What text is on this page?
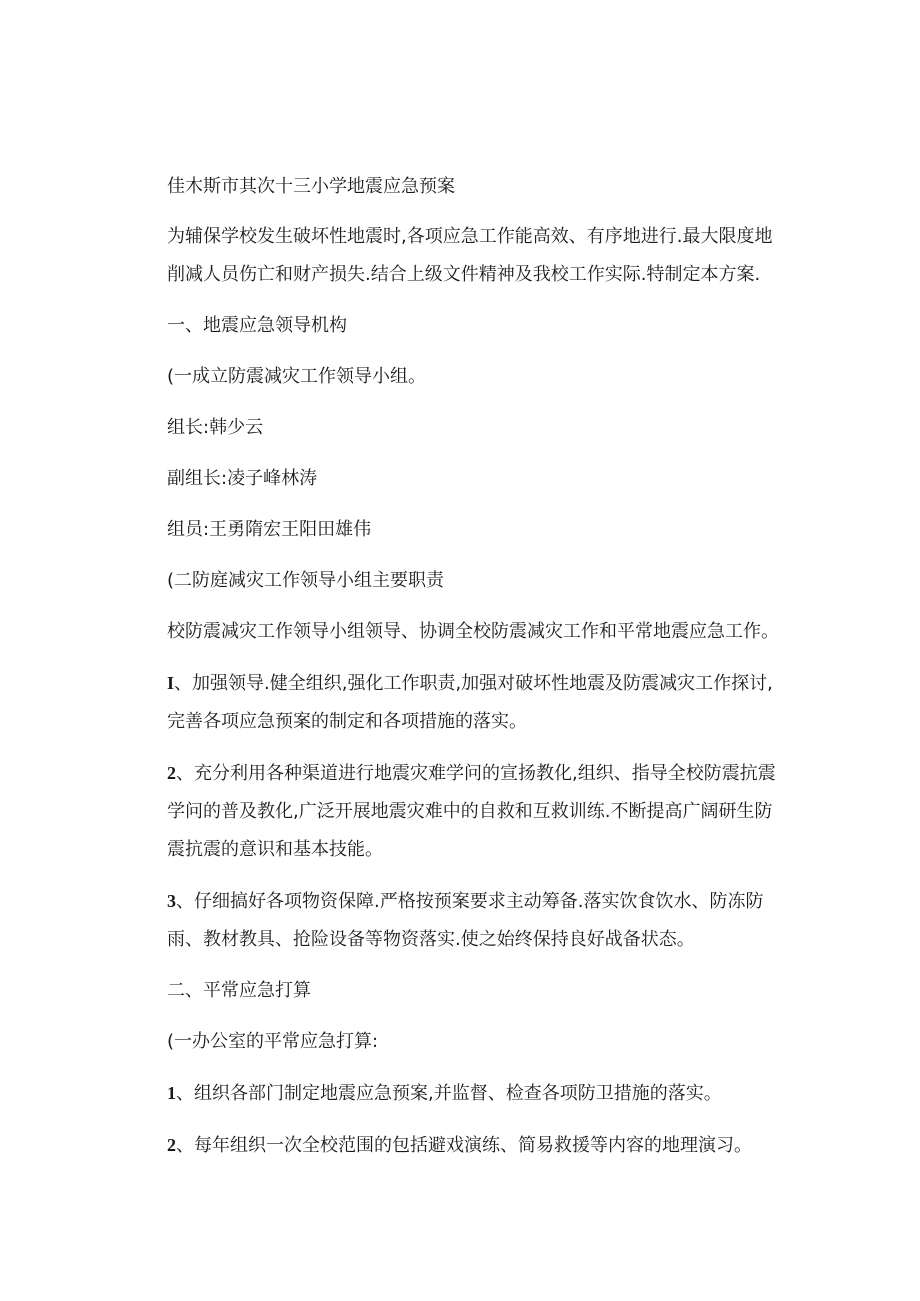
佳木斯市其次十三小学地震应急预案

为辅保学校发生破坏性地震时,各项应急工作能高效、有序地进行.最大限度地削减人员伤亡和财产损失.结合上级文件精神及我校工作实际.特制定本方案.

一、地震应急领导机构

(一成立防震减灾工作领导小组。

组长:韩少云

副组长:凌子峰林涛

组员:王勇隋宏王阳田雄伟

(二防庭减灾工作领导小组主要职责

校防震减灾工作领导小组领导、协调全校防震减灾工作和平常地震应急工作。

I、加强领导.健全组织,强化工作职责,加强对破坏性地震及防震减灾工作探讨,完善各项应急预案的制定和各项措施的落实。

2、充分利用各种渠道进行地震灾难学问的宣扬教化,组织、指导全校防震抗震学问的普及教化,广泛开展地震灾难中的自救和互救训练.不断提高广阔研生防震抗震的意识和基本技能。

3、仔细搞好各项物资保障.严格按预案要求主动筹备.落实饮食饮水、防冻防雨、教材教具、抢险设备等物资落实.使之始终保持良好战备状态。

二、平常应急打算

(一办公室的平常应急打算:

1、组织各部门制定地震应急预案,并监督、检查各项防卫措施的落实。

2、每年组织一次全校范围的包括避戏演练、简易救援等内容的地理演习。
